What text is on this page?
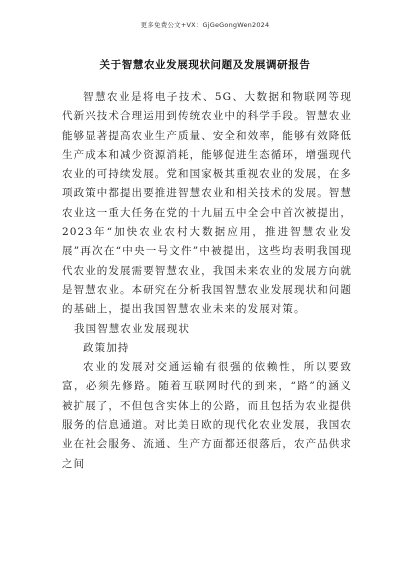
更多免费公文+VX：GjGeGongWen2024
关于智慧农业发展现状问题及发展调研报告

智慧农业是将电子技术、5G、大数据和物联网等现代新兴技术合理运用到传统农业中的科学手段。智慧农业能够显著提高农业生产质量、安全和效率，能够有效降低生产成本和减少资源消耗，能够促进生态循环，增强现代农业的可持续发展。党和国家极其重视农业的发展，在多项政策中都提出要推进智慧农业和相关技术的发展。智慧农业这一重大任务在党的十九届五中全会中首次被提出，2023年“加快农业农村大数据应用，推进智慧农业发展”再次在“中央一号文件”中被提出，这些均表明我国现代农业的发展需要智慧农业，我国未来农业的发展方向就是智慧农业。本研究在分析我国智慧农业发展现状和问题的基础上，提出我国智慧农业未来的发展对策。

我国智慧农业发展现状

政策加持

农业的发展对交通运输有很强的依赖性，所以要致富，必须先修路。随着互联网时代的到来，“路”的涵义被扩展了，不但包含实体上的公路，而且包括为农业提供服务的信息通道。对比美日欧的现代化农业发展，我国农业在社会服务、流通、生产方面都还很落后，农产品供求之间
